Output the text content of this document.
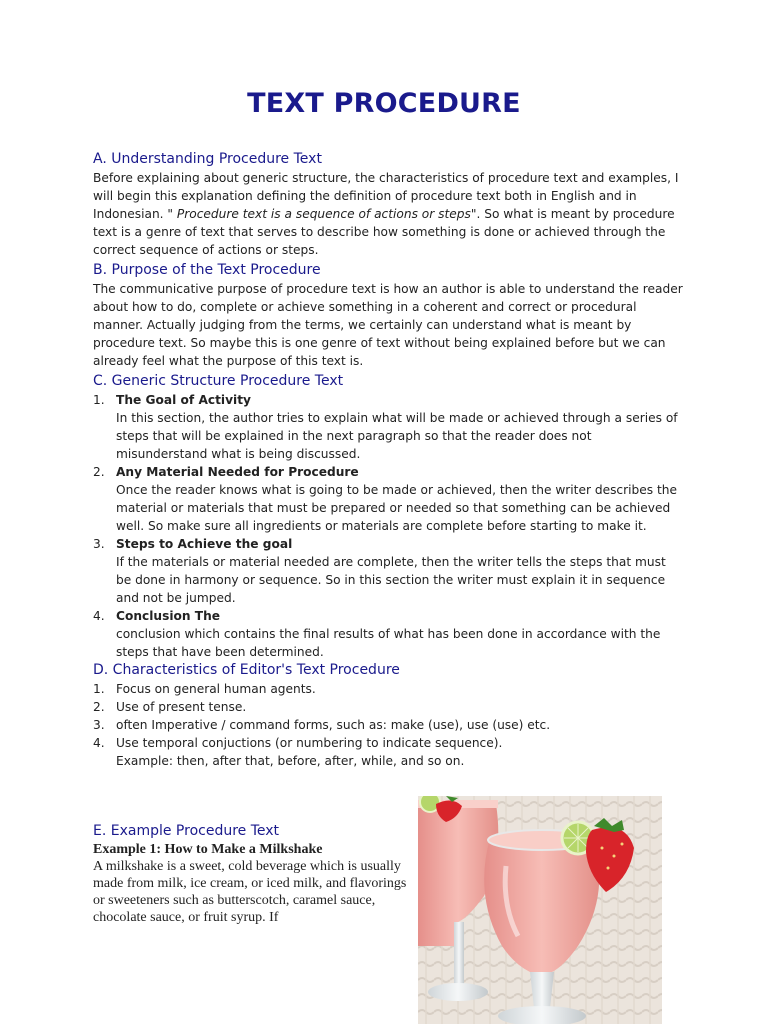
TEXT PROCEDURE
A. Understanding Procedure Text

Before explaining about generic structure, the characteristics of procedure text and examples, I will begin this explanation defining the definition of procedure text both in English and in Indonesian. " Procedure text is a sequence of actions or steps". So what is meant by procedure text is a genre of text that serves to describe how something is done or achieved through the correct sequence of actions or steps.

B. Purpose of the Text Procedure

The communicative purpose of procedure text is how an author is able to understand the reader about how to do, complete or achieve something in a coherent and correct or procedural manner. Actually judging from the terms, we certainly can understand what is meant by procedure text. So maybe this is one genre of text without being explained before but we can already feel what the purpose of this text is.

C. Generic Structure Procedure Text
1. The Goal of Activity
In this section, the author tries to explain what will be made or achieved through a series of steps that will be explained in the next paragraph so that the reader does not misunderstand what is being discussed.
2. Any Material Needed for Procedure
Once the reader knows what is going to be made or achieved, then the writer describes the material or materials that must be prepared or needed so that something can be achieved well. So make sure all ingredients or materials are complete before starting to make it.
3. Steps to Achieve the goal
If the materials or material needed are complete, then the writer tells the steps that must be done in harmony or sequence. So in this section the writer must explain it in sequence and not be jumped.
4. Conclusion The
conclusion which contains the final results of what has been done in accordance with the steps that have been determined.
D. Characteristics of Editor's Text Procedure
1. Focus on general human agents.
2. Use of present tense.
3. often Imperative / command forms, such as: make (use), use (use) etc.
4. Use temporal conjuctions (or numbering to indicate sequence).
Example: then, after that, before, after, while, and so on.
E. Example Procedure Text
Example 1: How to Make a Milkshake
A milkshake is a sweet, cold beverage which is usually made from milk, ice cream, or iced milk, and flavorings or sweeteners such as butterscotch, caramel sauce, chocolate sauce, or fruit syrup. If
